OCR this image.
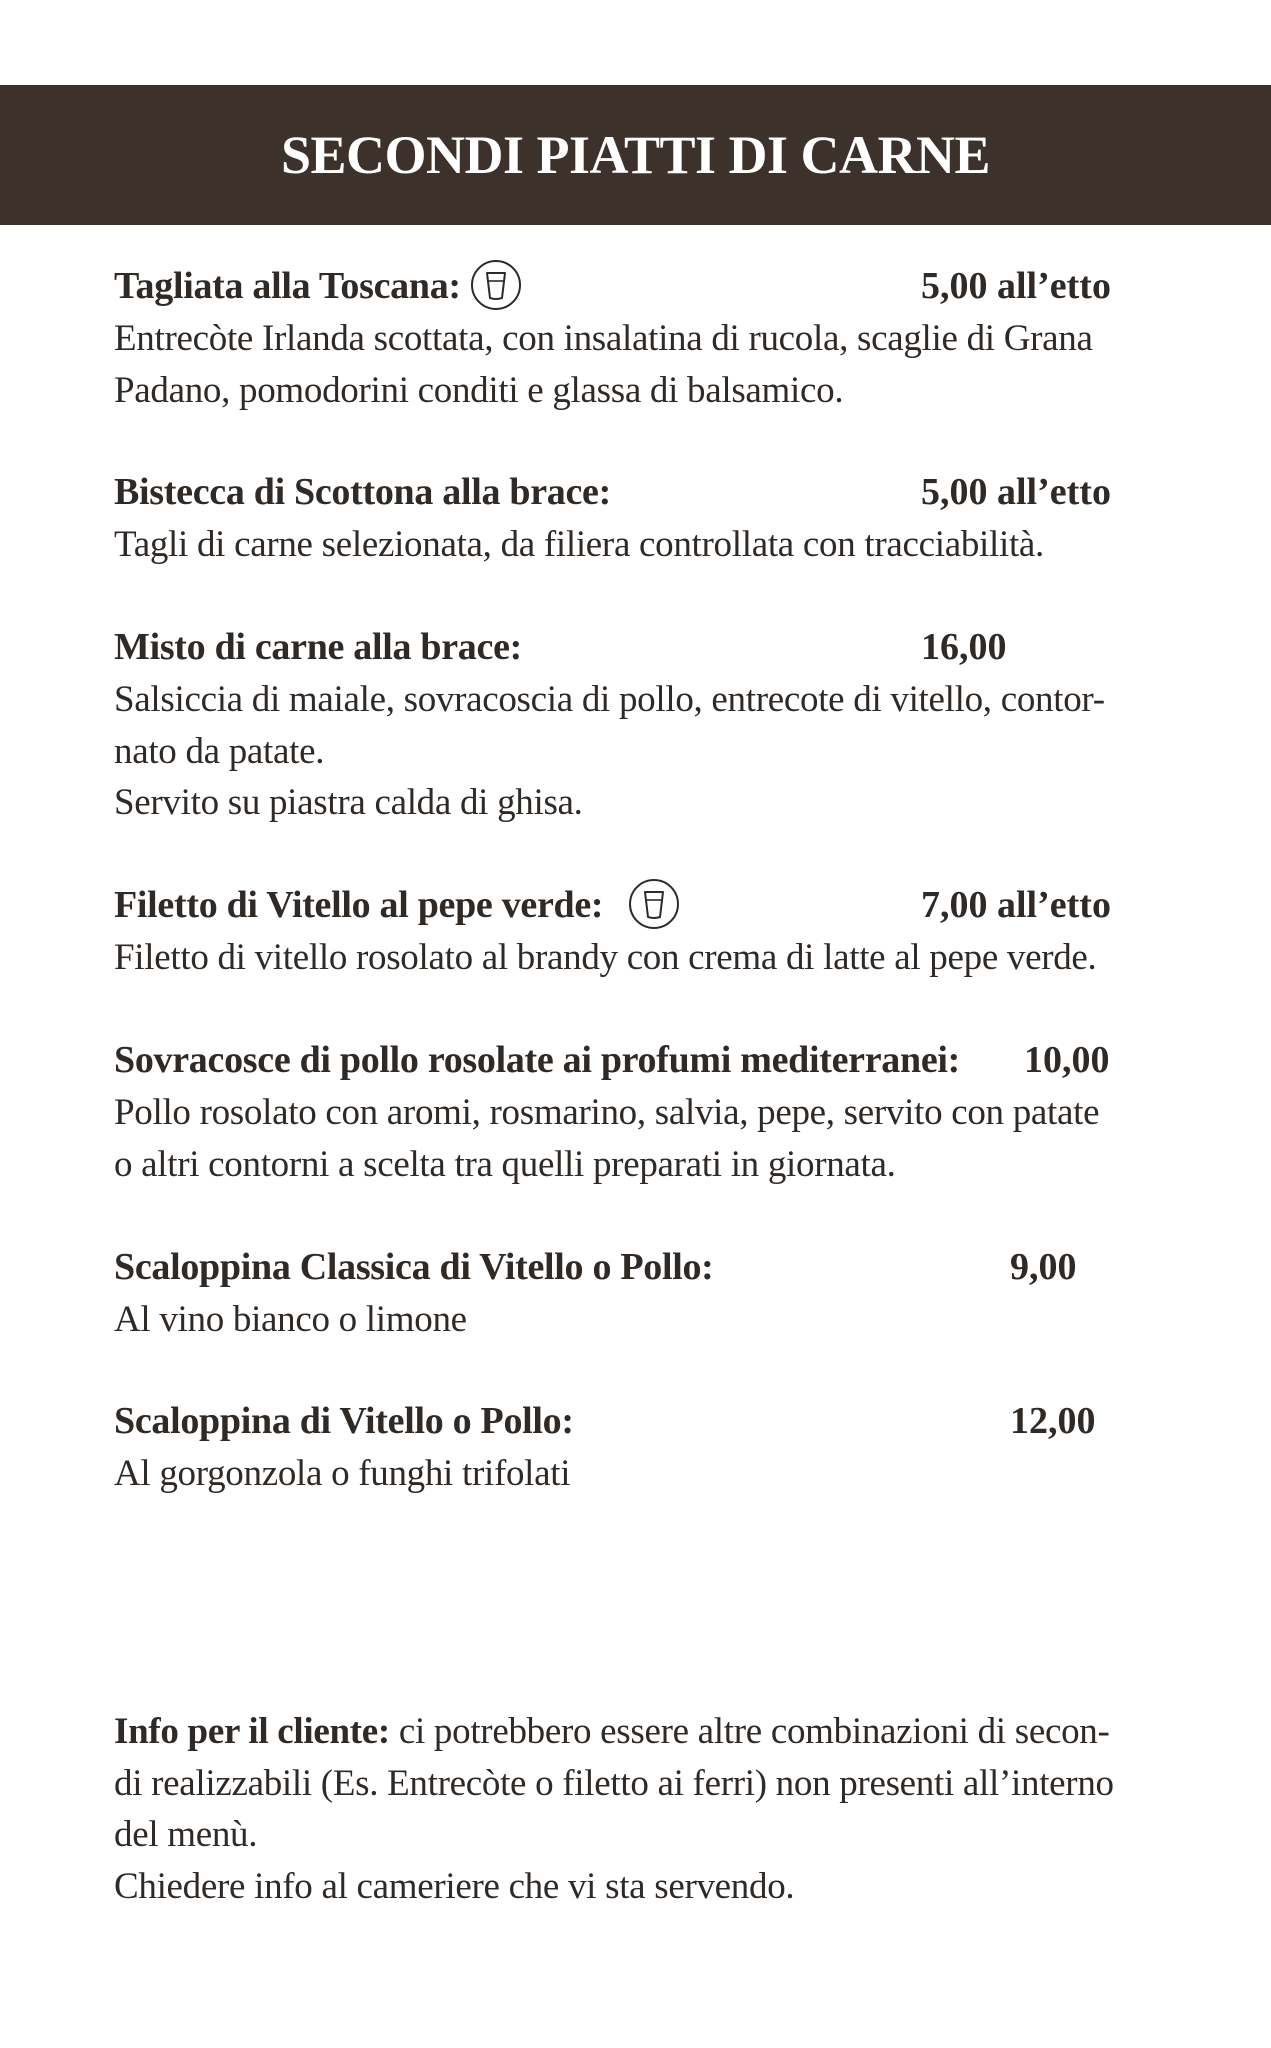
SECONDI PIATTI DI CARNE
Tagliata alla Toscana:	5,00 all’etto
Entrecòte Irlanda scottata, con insalatina di rucola, scaglie di Grana
Padano, pomodorini conditi e glassa di balsamico.
Bistecca di Scottona alla brace:	5,00 all’etto
Tagli di carne selezionata, da filiera controllata con tracciabilità.
Misto di carne alla brace:	16,00
Salsiccia di maiale, sovracoscia di pollo, entrecote di vitello, contor-
nato da patate.
Servito su piastra calda di ghisa.
Filetto di Vitello al pepe verde:	7,00 all’etto
Filetto di vitello rosolato al brandy con crema di latte al pepe verde.
Sovracosce di pollo rosolate ai profumi mediterranei: 10,00
Pollo rosolato con aromi, rosmarino, salvia, pepe, servito con patate
o altri contorni a scelta tra quelli preparati in giornata.
Scaloppina Classica di Vitello o Pollo:	9,00
Al vino bianco o limone
Scaloppina di Vitello o Pollo:	12,00
Al gorgonzola o funghi trifolati
Info per il cliente: ci potrebbero essere altre combinazioni di secon-
di realizzabili (Es. Entrecòte o filetto ai ferri) non presenti all’interno
del menù.
Chiedere info al cameriere che vi sta servendo.
